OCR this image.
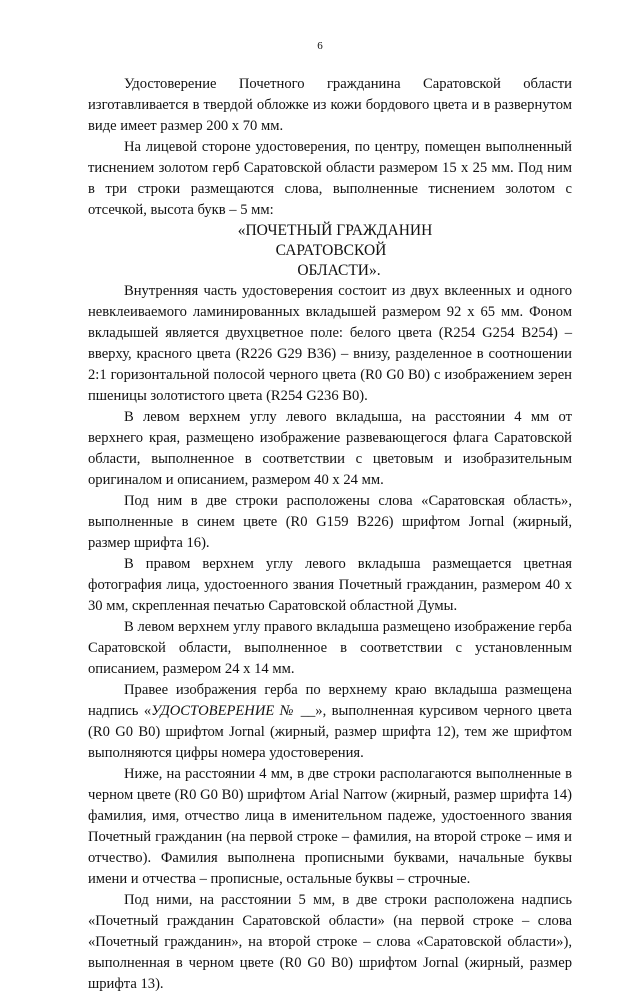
6

Удостоверение Почетного гражданина Саратовской области изготавливается в твердой обложке из кожи бордового цвета и в развернутом виде имеет размер 200 х 70 мм.

На лицевой стороне удостоверения, по центру, помещен выполненный тиснением золотом герб Саратовской области размером 15 х 25 мм. Под ним в три строки размещаются слова, выполненные тиснением золотом с отсечкой, высота букв – 5 мм:

«ПОЧЕТНЫЙ ГРАЖДАНИН
САРАТОВСКОЙ
ОБЛАСТИ».

Внутренняя часть удостоверения состоит из двух вклеенных и одного невклеиваемого ламинированных вкладышей размером 92 х 65 мм. Фоном вкладышей является двухцветное поле: белого цвета (R254 G254 B254) – вверху, красного цвета (R226 G29 B36) – внизу, разделенное в соотношении 2:1 горизонтальной полосой черного цвета (R0 G0 B0) с изображением зерен пшеницы золотистого цвета (R254 G236 B0).

В левом верхнем углу левого вкладыша, на расстоянии 4 мм от верхнего края, размещено изображение развевающегося флага Саратовской области, выполненное в соответствии с цветовым и изобразительным оригиналом и описанием, размером 40 х 24 мм.

Под ним в две строки расположены слова «Саратовская область», выполненные в синем цвете (R0 G159 B226) шрифтом Jornal (жирный, размер шрифта 16).

В правом верхнем углу левого вкладыша размещается цветная фотография лица, удостоенного звания Почетный гражданин, размером 40 х 30 мм, скрепленная печатью Саратовской областной Думы.

В левом верхнем углу правого вкладыша размещено изображение герба Саратовской области, выполненное в соответствии с установленным описанием, размером 24 х 14 мм.

Правее изображения герба по верхнему краю вкладыша размещена надпись «УДОСТОВЕРЕНИЕ № __», выполненная курсивом черного цвета (R0 G0 B0) шрифтом Jornal (жирный, размер шрифта 12), тем же шрифтом выполняются цифры номера удостоверения.

Ниже, на расстоянии 4 мм, в две строки располагаются выполненные в черном цвете (R0 G0 B0) шрифтом Arial Narrow (жирный, размер шрифта 14) фамилия, имя, отчество лица в именительном падеже, удостоенного звания Почетный гражданин (на первой строке – фамилия, на второй строке – имя и отчество). Фамилия выполнена прописными буквами, начальные буквы имени и отчества – прописные, остальные буквы – строчные.

Под ними, на расстоянии 5 мм, в две строки расположена надпись «Почетный гражданин Саратовской области» (на первой строке – слова «Почетный гражданин», на второй строке – слова «Саратовской области»), выполненная в черном цвете (R0 G0 B0) шрифтом Jornal (жирный, размер шрифта 13).
